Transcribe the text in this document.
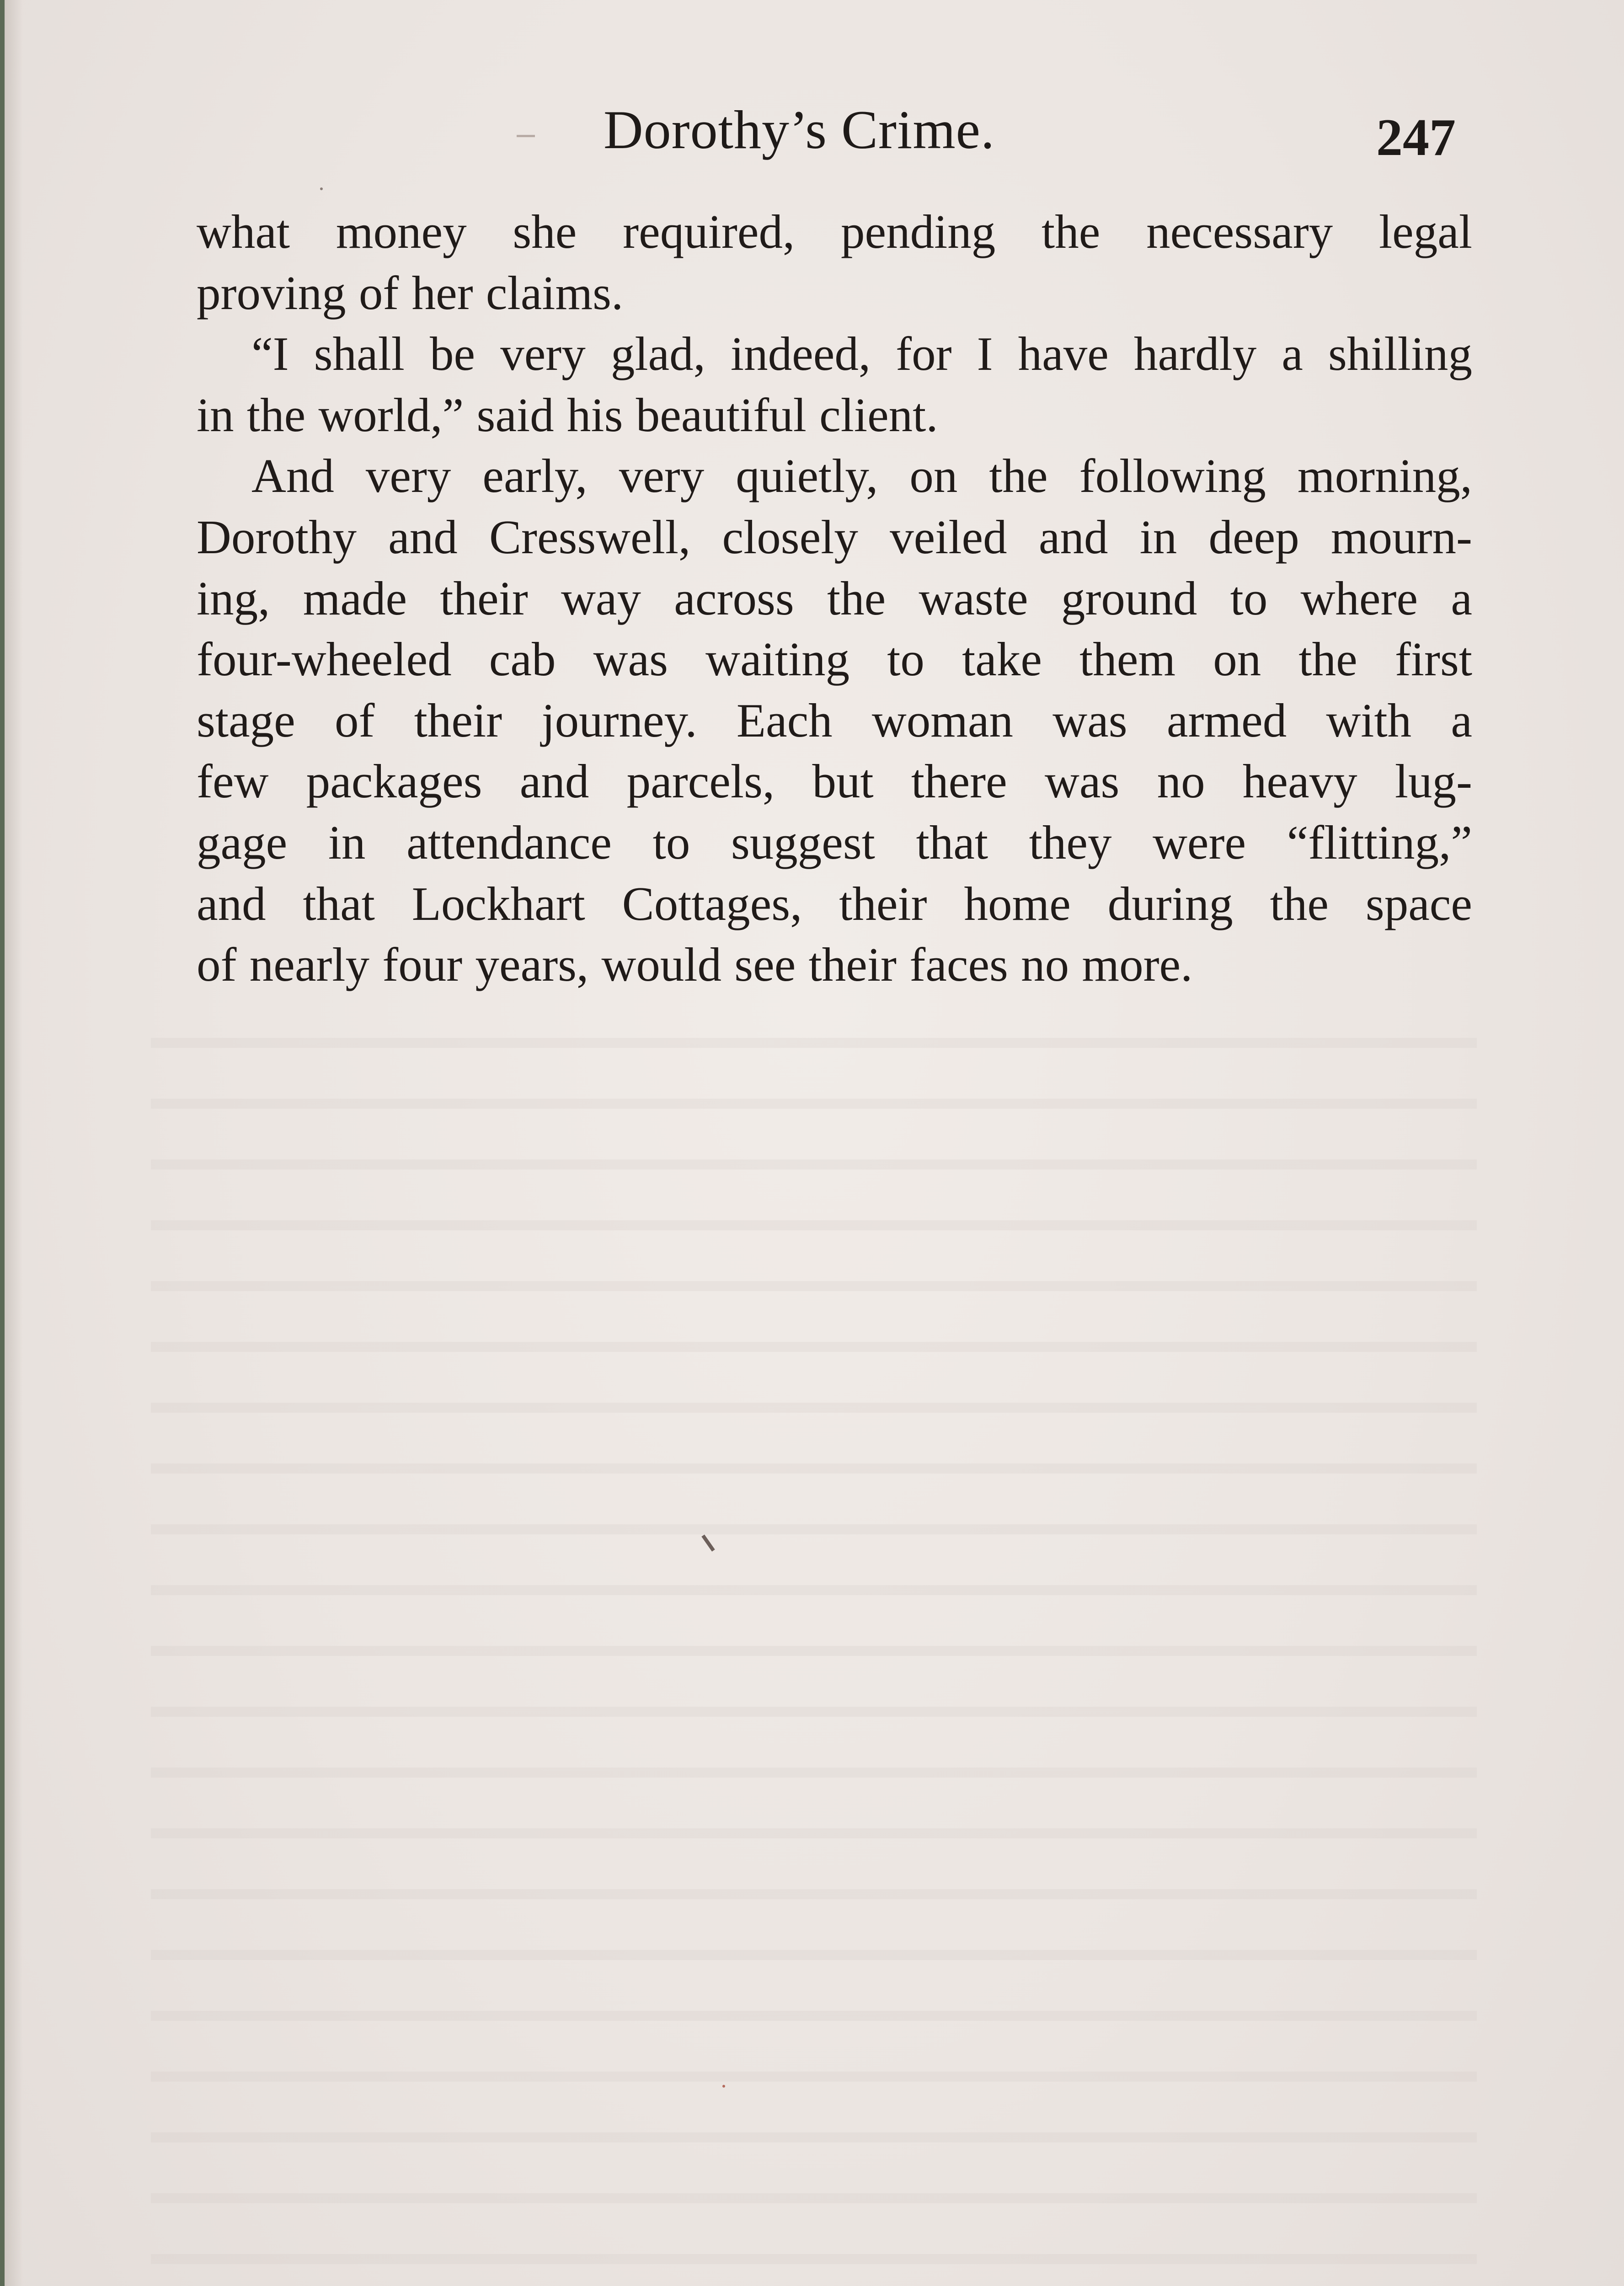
Dorothy’s Crime.	247

what money she required, pending the necessary legal
proving of her claims.

“I shall be very glad, indeed, for I have hardly a shilling
in the world,” said his beautiful client.

And very early, very quietly, on the following morning,
Dorothy and Cresswell, closely veiled and in deep mourn-
ing, made their way across the waste ground to where a
four-wheeled cab was waiting to take them on the first
stage of their journey. Each woman was armed with a
few packages and parcels, but there was no heavy lug-
gage in attendance to suggest that they were “flitting,”
and that Lockhart Cottages, their home during the space
of nearly four years, would see their faces no more.
